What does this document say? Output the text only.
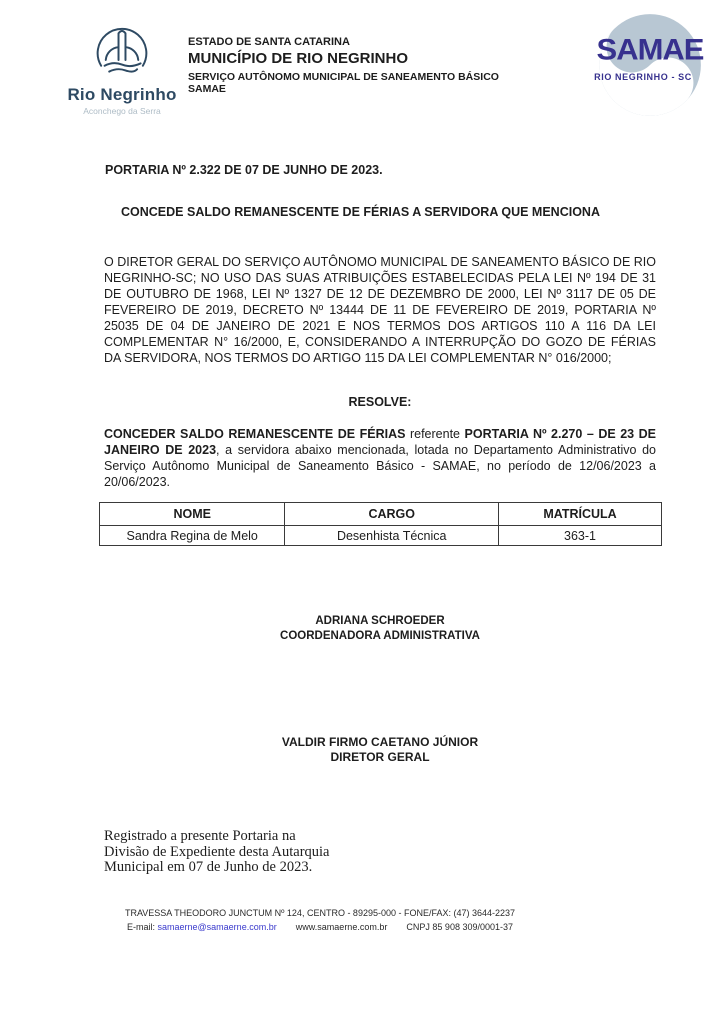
Rio Negrinho
Aconchego da Serra
ESTADO DE SANTA CATARINA
MUNICÍPIO DE RIO NEGRINHO
SERVIÇO AUTÔNOMO MUNICIPAL DE SANEAMENTO BÁSICO SAMAE
SAMAE
RIO NEGRINHO - SC
PORTARIA Nº 2.322 DE 07 DE JUNHO DE 2023.
CONCEDE SALDO REMANESCENTE DE FÉRIAS A SERVIDORA QUE MENCIONA
O DIRETOR GERAL DO SERVIÇO AUTÔNOMO MUNICIPAL DE SANEAMENTO BÁSICO DE RIO NEGRINHO-SC; NO USO DAS SUAS ATRIBUIÇÕES ESTABELECIDAS PELA LEI Nº 194 DE 31 DE OUTUBRO DE 1968, LEI Nº 1327 DE 12 DE DEZEMBRO DE 2000, LEI Nº 3117 DE 05 DE FEVEREIRO DE 2019, DECRETO Nº 13444 DE 11 DE FEVEREIRO DE 2019, PORTARIA Nº 25035 DE 04 DE JANEIRO DE 2021 E NOS TERMOS DOS ARTIGOS 110 A 116 DA LEI COMPLEMENTAR N° 16/2000, E, CONSIDERANDO A INTERRUPÇÃO DO GOZO DE FÉRIAS DA SERVIDORA, NOS TERMOS DO ARTIGO 115 DA LEI COMPLEMENTAR N° 016/2000;
RESOLVE:
CONCEDER SALDO REMANESCENTE DE FÉRIAS referente PORTARIA Nº 2.270 – DE 23 DE JANEIRO DE 2023, a servidora abaixo mencionada, lotada no Departamento Administrativo do Serviço Autônomo Municipal de Saneamento Básico - SAMAE, no período de 12/06/2023 a 20/06/2023.
NOME	CARGO	MATRÍCULA
Sandra Regina de Melo	Desenhista Técnica	363-1
ADRIANA SCHROEDER
COORDENADORA ADMINISTRATIVA
VALDIR FIRMO CAETANO JÚNIOR
DIRETOR GERAL
Registrado a presente Portaria na
Divisão de Expediente desta Autarquia
Municipal em 07 de Junho de 2023.
TRAVESSA THEODORO JUNCTUM Nº 124, CENTRO - 89295-000 - FONE/FAX: (47) 3644-2237
E-mail: samaerne@samaerne.com.br www.samaerne.com.br CNPJ 85 908 309/0001-37
